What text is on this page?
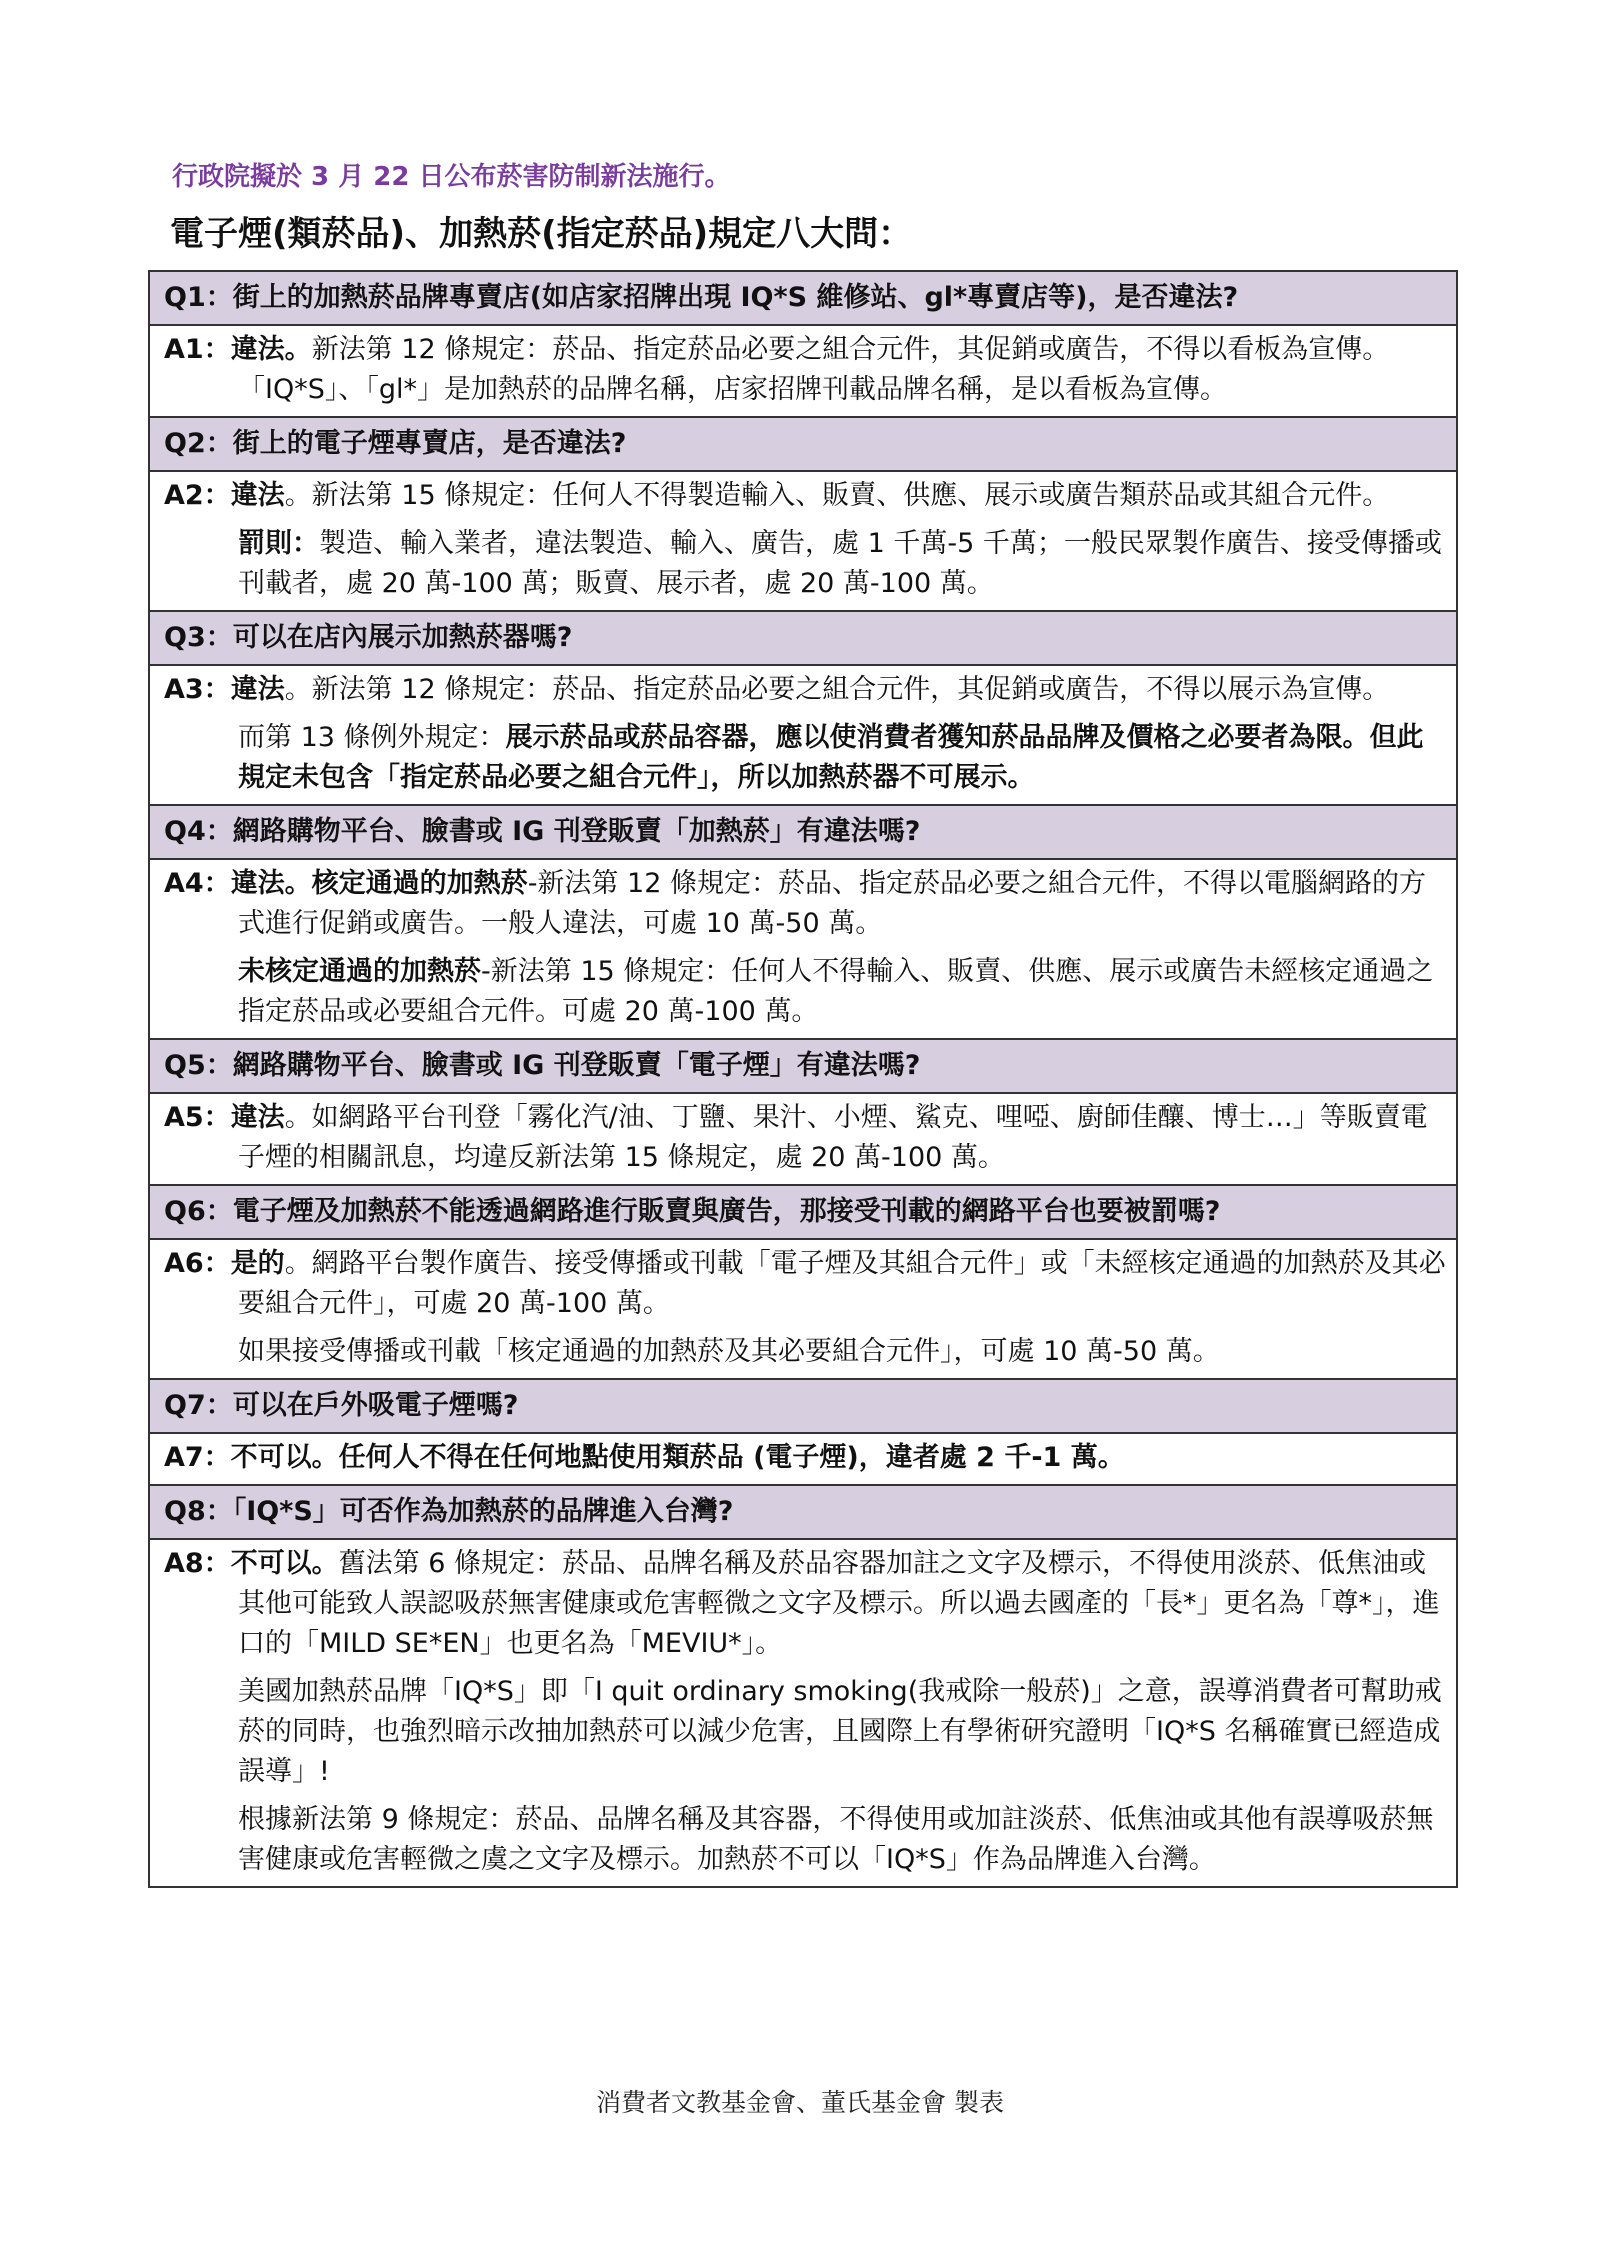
行政院擬於 3 月 22 日公布菸害防制新法施行。
電子煙(類菸品)、加熱菸(指定菸品)規定八大問：
Q1：街上的加熱菸品牌專賣店(如店家招牌出現 IQ*S 維修站、gl*專賣店等)，是否違法?

A1：違法。新法第 12 條規定：菸品、指定菸品必要之組合元件，其促銷或廣告，不得以看板為宣傳。「IQ*S」、「gl*」是加熱菸的品牌名稱，店家招牌刊載品牌名稱，是以看板為宣傳。

Q2：街上的電子煙專賣店，是否違法?

A2：違法。新法第 15 條規定：任何人不得製造輸入、販賣、供應、展示或廣告類菸品或其組合元件。
罰則：製造、輸入業者，違法製造、輸入、廣告，處 1 千萬-5 千萬；一般民眾製作廣告、接受傳播或刊載者，處 20 萬-100 萬；販賣、展示者，處 20 萬-100 萬。

Q3：可以在店內展示加熱菸器嗎?

A3：違法。新法第 12 條規定：菸品、指定菸品必要之組合元件，其促銷或廣告，不得以展示為宣傳。
而第 13 條例外規定：展示菸品或菸品容器，應以使消費者獲知菸品品牌及價格之必要者為限。但此規定未包含「指定菸品必要之組合元件」，所以加熱菸器不可展示。

Q4：網路購物平台、臉書或 IG 刊登販賣「加熱菸」有違法嗎?

A4：違法。核定通過的加熱菸-新法第 12 條規定：菸品、指定菸品必要之組合元件，不得以電腦網路的方式進行促銷或廣告。一般人違法，可處 10 萬-50 萬。
未核定通過的加熱菸-新法第 15 條規定：任何人不得輸入、販賣、供應、展示或廣告未經核定通過之指定菸品或必要組合元件。可處 20 萬-100 萬。

Q5：網路購物平台、臉書或 IG 刊登販賣「電子煙」有違法嗎?

A5：違法。如網路平台刊登「霧化汽/油、丁鹽、果汁、小煙、鯊克、哩啞、廚師佳釀、博士…」等販賣電子煙的相關訊息，均違反新法第 15 條規定，處 20 萬-100 萬。

Q6：電子煙及加熱菸不能透過網路進行販賣與廣告，那接受刊載的網路平台也要被罰嗎?

A6：是的。網路平台製作廣告、接受傳播或刊載「電子煙及其組合元件」或「未經核定通過的加熱菸及其必要組合元件」，可處 20 萬-100 萬。
如果接受傳播或刊載「核定通過的加熱菸及其必要組合元件」，可處 10 萬-50 萬。

Q7：可以在戶外吸電子煙嗎?

A7：不可以。任何人不得在任何地點使用類菸品 (電子煙)，違者處 2 千-1 萬。

Q8：「IQ*S」可否作為加熱菸的品牌進入台灣?

A8：不可以。舊法第 6 條規定：菸品、品牌名稱及菸品容器加註之文字及標示，不得使用淡菸、低焦油或其他可能致人誤認吸菸無害健康或危害輕微之文字及標示。所以過去國產的「長*」更名為「尊*」，進口的「MILD SE*EN」也更名為「MEVIU*」。
美國加熱菸品牌「IQ*S」即「I quit ordinary smoking(我戒除一般菸)」之意，誤導消費者可幫助戒菸的同時，也強烈暗示改抽加熱菸可以減少危害，且國際上有學術研究證明「IQ*S 名稱確實已經造成誤導」!
根據新法第 9 條規定：菸品、品牌名稱及其容器，不得使用或加註淡菸、低焦油或其他有誤導吸菸無害健康或危害輕微之虞之文字及標示。加熱菸不可以「IQ*S」作為品牌進入台灣。
消費者文教基金會、董氏基金會 製表
